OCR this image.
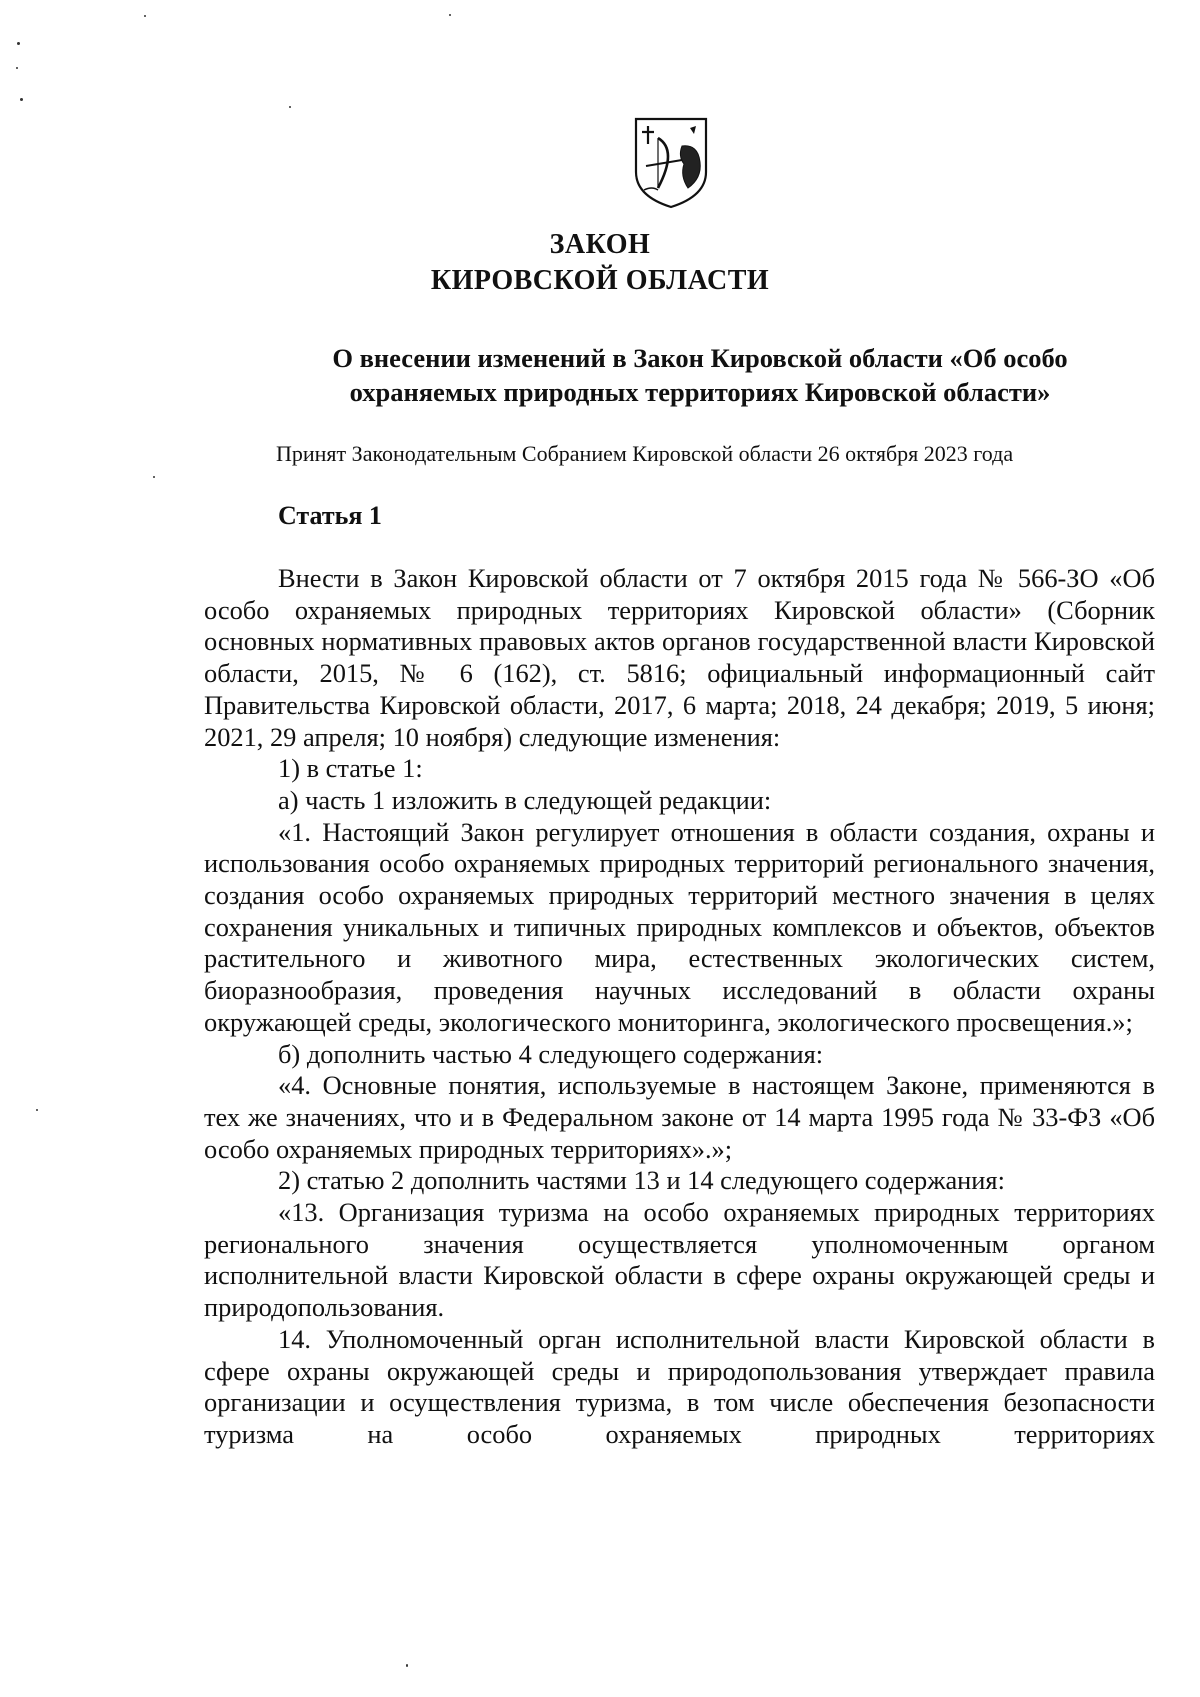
ЗАКОН
КИРОВСКОЙ ОБЛАСТИ
О внесении изменений в Закон Кировской области «Об особо
охраняемых природных территориях Кировской области»
Принят Законодательным Собранием Кировской области 26 октября 2023 года
Статья 1

Внести в Закон Кировской области от 7 октября 2015 года № 566-ЗО «Об особо охраняемых природных территориях Кировской области» (Сборник основных нормативных правовых актов органов государственной власти Кировской области, 2015, № 6 (162), ст. 5816; официальный информационный сайт Правительства Кировской области, 2017, 6 марта; 2018, 24 декабря; 2019, 5 июня; 2021, 29 апреля; 10 ноября) следующие изменения:

1) в статье 1:

а) часть 1 изложить в следующей редакции:

«1. Настоящий Закон регулирует отношения в области создания, охраны и использования особо охраняемых природных территорий регионального значения, создания особо охраняемых природных территорий местного значения в целях сохранения уникальных и типичных природных комплексов и объектов, объектов растительного и животного мира, естественных экологических систем, биоразнообразия, проведения научных исследований в области охраны окружающей среды, экологического мониторинга, экологического просвещения.»;

б) дополнить частью 4 следующего содержания:

«4. Основные понятия, используемые в настоящем Законе, применяются в тех же значениях, что и в Федеральном законе от 14 марта 1995 года № 33-ФЗ «Об особо охраняемых природных территориях».»;

2) статью 2 дополнить частями 13 и 14 следующего содержания:

«13. Организация туризма на особо охраняемых природных территориях регионального значения осуществляется уполномоченным органом исполнительной власти Кировской области в сфере охраны окружающей среды и природопользования.

14. Уполномоченный орган исполнительной власти Кировской области в сфере охраны окружающей среды и природопользования утверждает правила организации и осуществления туризма, в том числе обеспечения безопасности туризма на особо охраняемых природных территориях
